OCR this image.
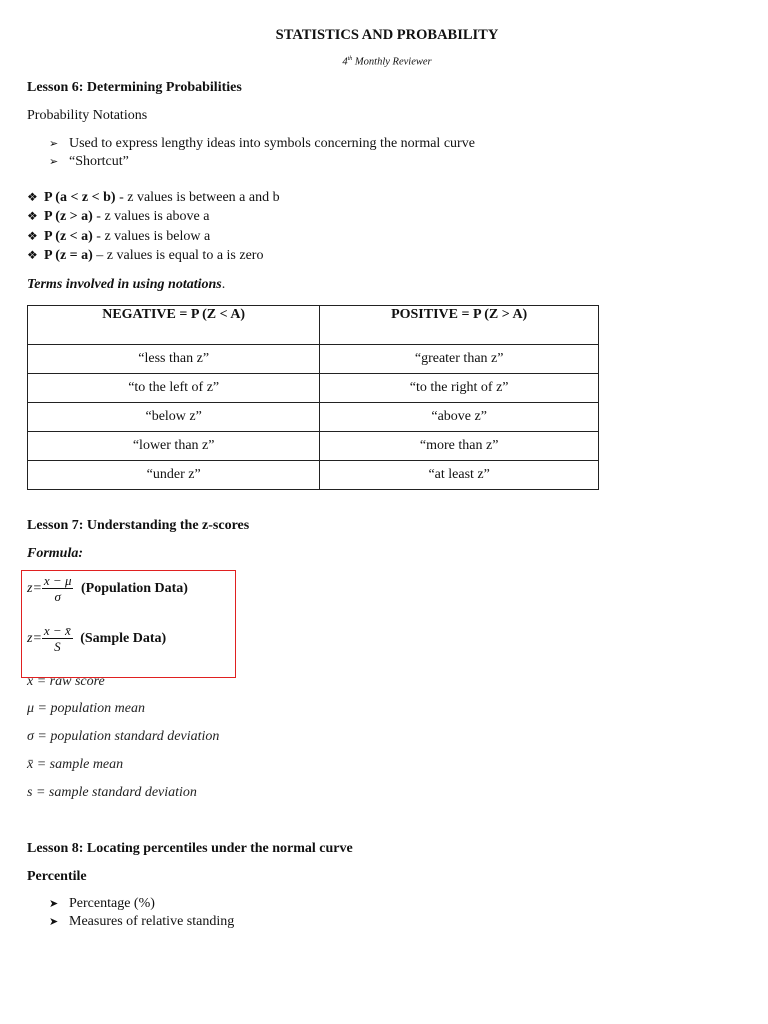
STATISTICS AND PROBABILITY
4th Monthly Reviewer
Lesson 6: Determining Probabilities
Probability Notations
➢ Used to express lengthy ideas into symbols concerning the normal curve
➢ “Shortcut”
❖ P (a < z < b) - z values is between a and b
❖ P (z > a) - z values is above a
❖ P (z < a) - z values is below a
❖ P (z = a) – z values is equal to a is zero
Terms involved in using notations.
NEGATIVE = P (Z < A)	POSITIVE = P (Z > A)
“less than z”	“greater than z”
“to the left of z”	“to the right of z”
“below z”	“above z”
“lower than z”	“more than z”
“under z”	“at least z”
Lesson 7: Understanding the z-scores
Formula:
$z= \frac{x - \mu}{\sigma}$ (Population Data)
$z= \frac{x - x̄}{S}$ (Sample Data)
x = raw score
μ = population mean
σ = population standard deviation
x̄ = sample mean
s = sample standard deviation
Lesson 8: Locating percentiles under the normal curve
Percentile
➤ Percentage (%)
➤ Measures of relative standing
